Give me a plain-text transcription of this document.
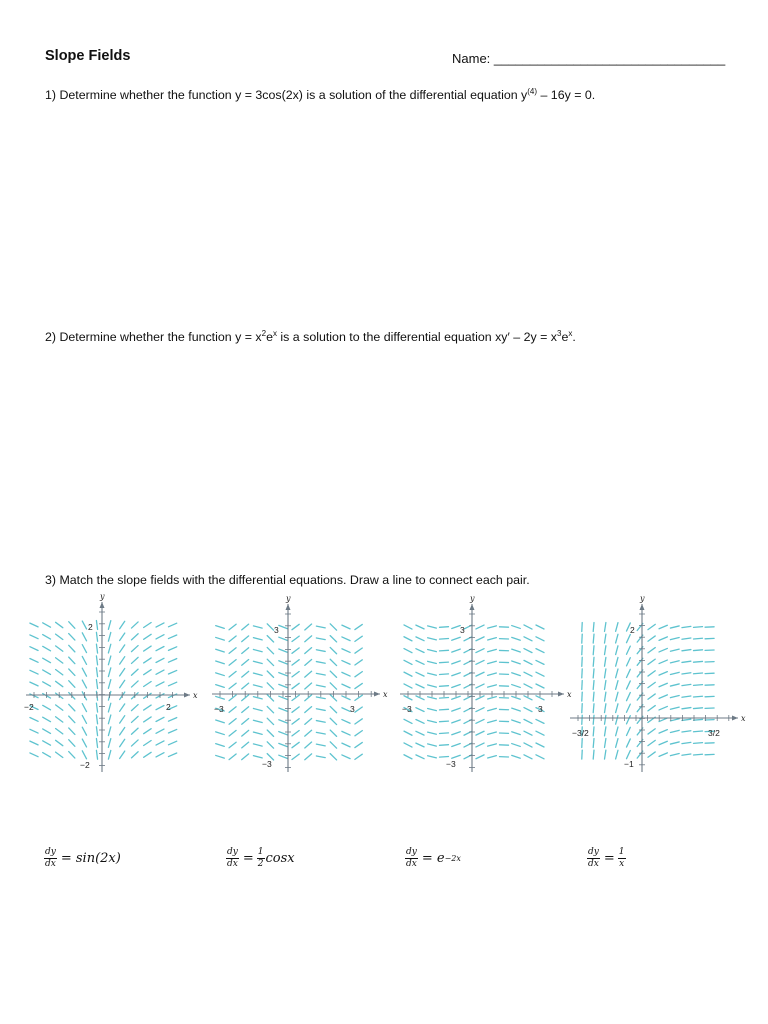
Slope Fields	Name: ________________________________
1) Determine whether the function y = 3cos(2x) is a solution of the differential equation $y^{(4)} - 16y = 0$.
2) Determine whether the function $y = x^2e^x$ is a solution to the differential equation $xy' - 2y = x^3e^x$.
3) Match the slope fields with the differential equations. Draw a line to connect each pair.
x
y
−2	2
2
−2
x
y
−3	3
3
−3
x
y
−3	3
3
−3
x
y
−3/2	3/2
2
−1
$\frac{dy}{dx} = \sin(2x)$	$\frac{dy}{dx} = \frac{1}{2}$ cosx	$\frac{dy}{dx} = e -2x$	$\frac{dy}{dx} = \frac{1}{x}$
